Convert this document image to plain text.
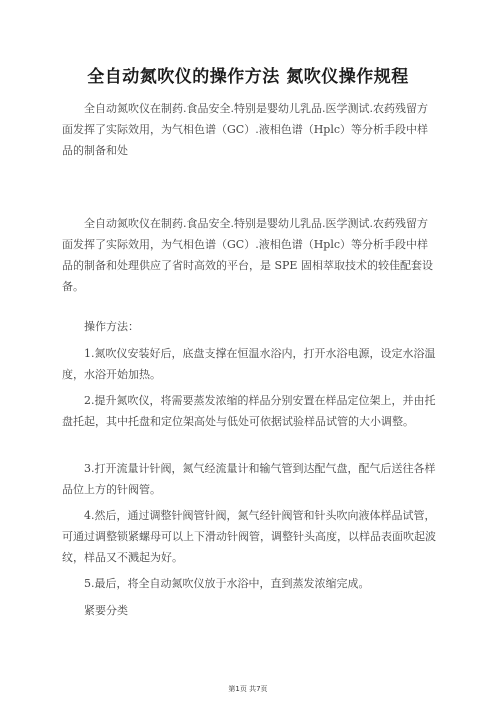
全自动氮吹仪的操作方法 氮吹仪操作规程

全自动氮吹仪在制药.食品安全.特别是婴幼儿乳品.医学测试.农药残留方面发挥了实际效用，为气相色谱（GC）.液相色谱（Hplc）等分析手段中样品的制备和处

全自动氮吹仪在制药.食品安全.特别是婴幼儿乳品.医学测试.农药残留方面发挥了实际效用，为气相色谱（GC）.液相色谱（Hplc）等分析手段中样品的制备和处理供应了省时高效的平台，是 SPE 固相萃取技术的较佳配套设备。

操作方法：

1.氮吹仪安装好后，底盘支撑在恒温水浴内，打开水浴电源，设定水浴温度，水浴开始加热。

2.提升氮吹仪，将需要蒸发浓缩的样品分别安置在样品定位架上，并由托盘托起，其中托盘和定位架高处与低处可依据试验样品试管的大小调整。

3.打开流量计针阀，氮气经流量计和输气管到达配气盘，配气后送往各样品位上方的针阀管。

4.然后，通过调整针阀管针阀，氮气经针阀管和针头吹向液体样品试管，可通过调整锁紧螺母可以上下滑动针阀管，调整针头高度，以样品表面吹起波纹，样品又不溅起为好。

5.最后，将全自动氮吹仪放于水浴中，直到蒸发浓缩完成。

紧要分类

第1页 共7页
